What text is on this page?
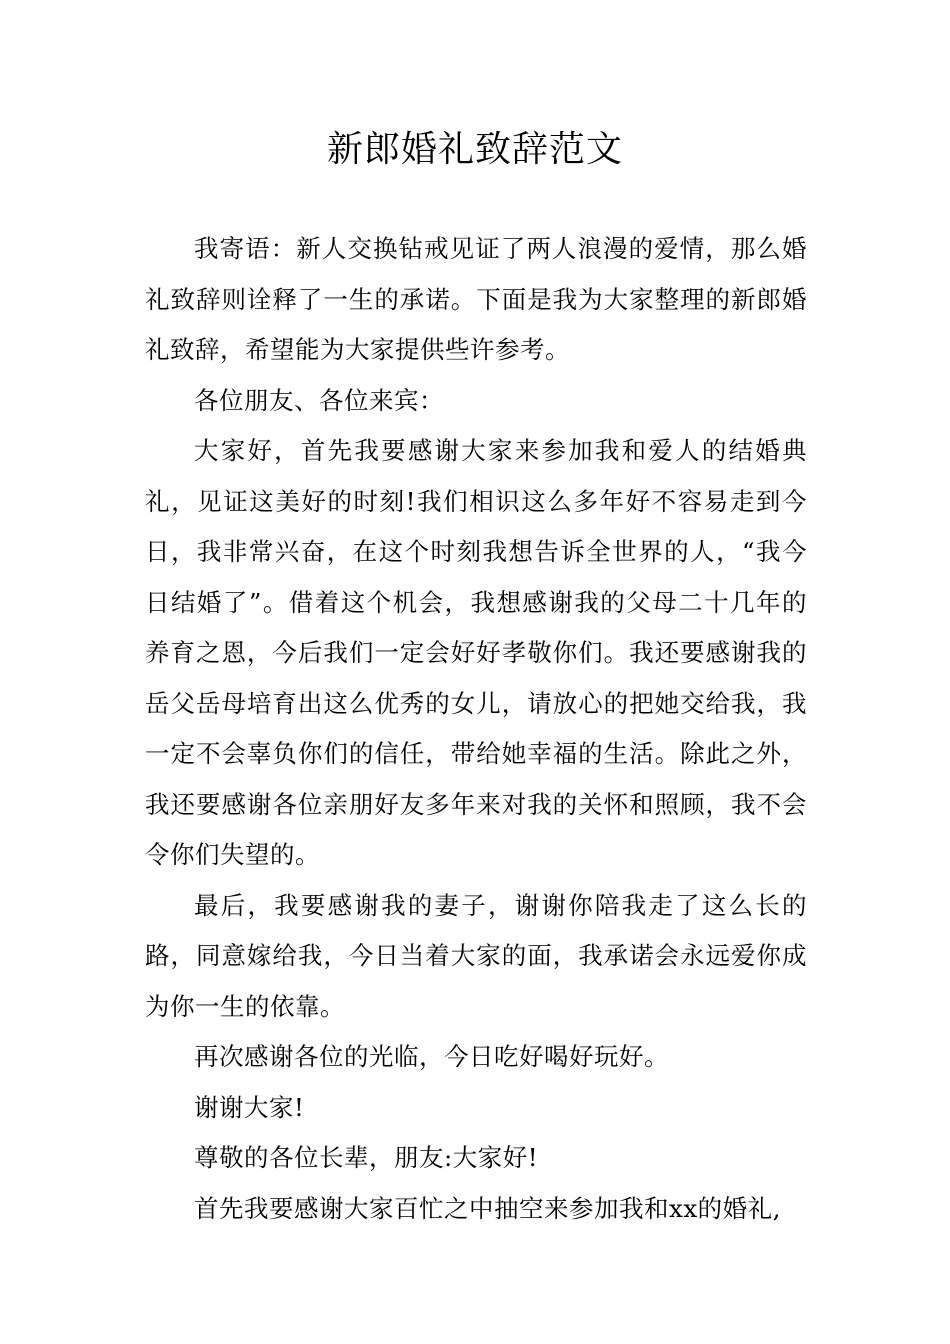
新郎婚礼致辞范文

我寄语：新人交换钻戒见证了两人浪漫的爱情，那么婚礼致辞则诠释了一生的承诺。下面是我为大家整理的新郎婚礼致辞，希望能为大家提供些许参考。

各位朋友、各位来宾：

大家好，首先我要感谢大家来参加我和爱人的结婚典礼，见证这美好的时刻!我们相识这么多年好不容易走到今日，我非常兴奋，在这个时刻我想告诉全世界的人，“我今日结婚了”。借着这个机会，我想感谢我的父母二十几年的养育之恩，今后我们一定会好好孝敬你们。我还要感谢我的岳父岳母培育出这么优秀的女儿，请放心的把她交给我，我一定不会辜负你们的信任，带给她幸福的生活。除此之外，我还要感谢各位亲朋好友多年来对我的关怀和照顾，我不会令你们失望的。

最后，我要感谢我的妻子，谢谢你陪我走了这么长的路，同意嫁给我，今日当着大家的面，我承诺会永远爱你成为你一生的依靠。

再次感谢各位的光临，今日吃好喝好玩好。

谢谢大家!

尊敬的各位长辈，朋友:大家好!

首先我要感谢大家百忙之中抽空来参加我和xx的婚礼,
